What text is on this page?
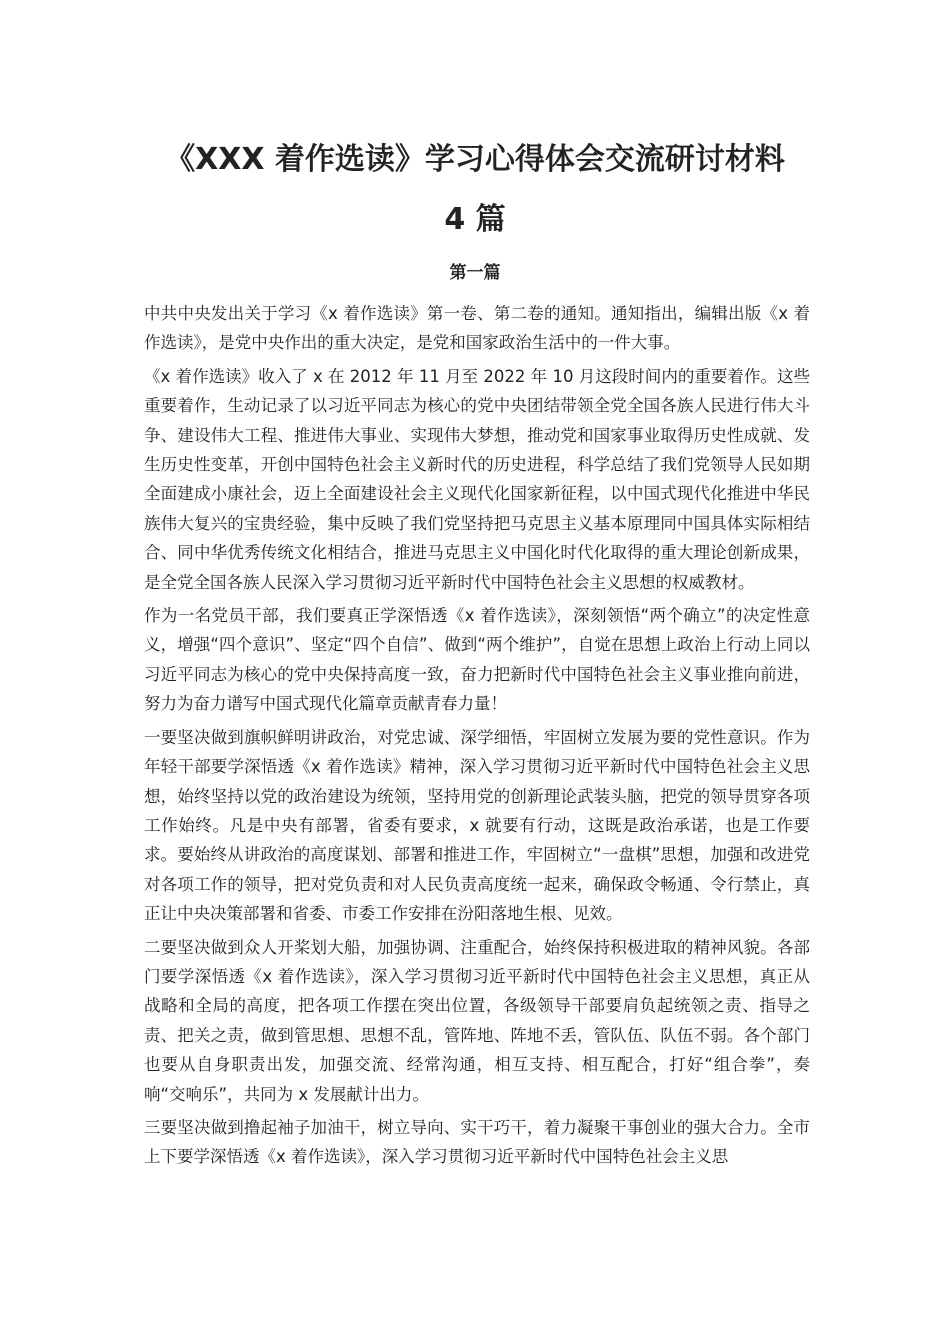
《XXX 着作选读》学习心得体会交流研讨材料
4 篇
第一篇

中共中央发出关于学习《x 着作选读》第一卷、第二卷的通知。通知指出，编辑出版《x 着作选读》，是党中央作出的重大决定，是党和国家政治生活中的一件大事。

《x 着作选读》收入了 x 在 2012 年 11 月至 2022 年 10 月这段时间内的重要着作。这些重要着作，生动记录了以习近平同志为核心的党中央团结带领全党全国各族人民进行伟大斗争、建设伟大工程、推进伟大事业、实现伟大梦想，推动党和国家事业取得历史性成就、发生历史性变革，开创中国特色社会主义新时代的历史进程，科学总结了我们党领导人民如期全面建成小康社会，迈上全面建设社会主义现代化国家新征程，以中国式现代化推进中华民族伟大复兴的宝贵经验，集中反映了我们党坚持把马克思主义基本原理同中国具体实际相结合、同中华优秀传统文化相结合，推进马克思主义中国化时代化取得的重大理论创新成果，是全党全国各族人民深入学习贯彻习近平新时代中国特色社会主义思想的权威教材。

作为一名党员干部，我们要真正学深悟透《x 着作选读》，深刻领悟“两个确立”的决定性意义，增强“四个意识”、坚定“四个自信”、做到“两个维护”，自觉在思想上政治上行动上同以习近平同志为核心的党中央保持高度一致，奋力把新时代中国特色社会主义事业推向前进，努力为奋力谱写中国式现代化篇章贡献青春力量！

一要坚决做到旗帜鲜明讲政治，对党忠诚、深学细悟，牢固树立发展为要的党性意识。作为年轻干部要学深悟透《x 着作选读》精神，深入学习贯彻习近平新时代中国特色社会主义思想，始终坚持以党的政治建设为统领，坚持用党的创新理论武装头脑，把党的领导贯穿各项工作始终。凡是中央有部署，省委有要求，x 就要有行动，这既是政治承诺，也是工作要求。要始终从讲政治的高度谋划、部署和推进工作，牢固树立“一盘棋”思想，加强和改进党对各项工作的领导，把对党负责和对人民负责高度统一起来，确保政令畅通、令行禁止，真正让中央决策部署和省委、市委工作安排在汾阳落地生根、见效。

二要坚决做到众人开桨划大船，加强协调、注重配合，始终保持积极进取的精神风貌。各部门要学深悟透《x 着作选读》，深入学习贯彻习近平新时代中国特色社会主义思想，真正从战略和全局的高度，把各项工作摆在突出位置，各级领导干部要肩负起统领之责、指导之责、把关之责，做到管思想、思想不乱，管阵地、阵地不丢，管队伍、队伍不弱。各个部门也要从自身职责出发，加强交流、经常沟通，相互支持、相互配合，打好“组合拳”，奏响“交响乐”，共同为 x 发展献计出力。

三要坚决做到撸起袖子加油干，树立导向、实干巧干，着力凝聚干事创业的强大合力。全市上下要学深悟透《x 着作选读》，深入学习贯彻习近平新时代中国特色社会主义思
